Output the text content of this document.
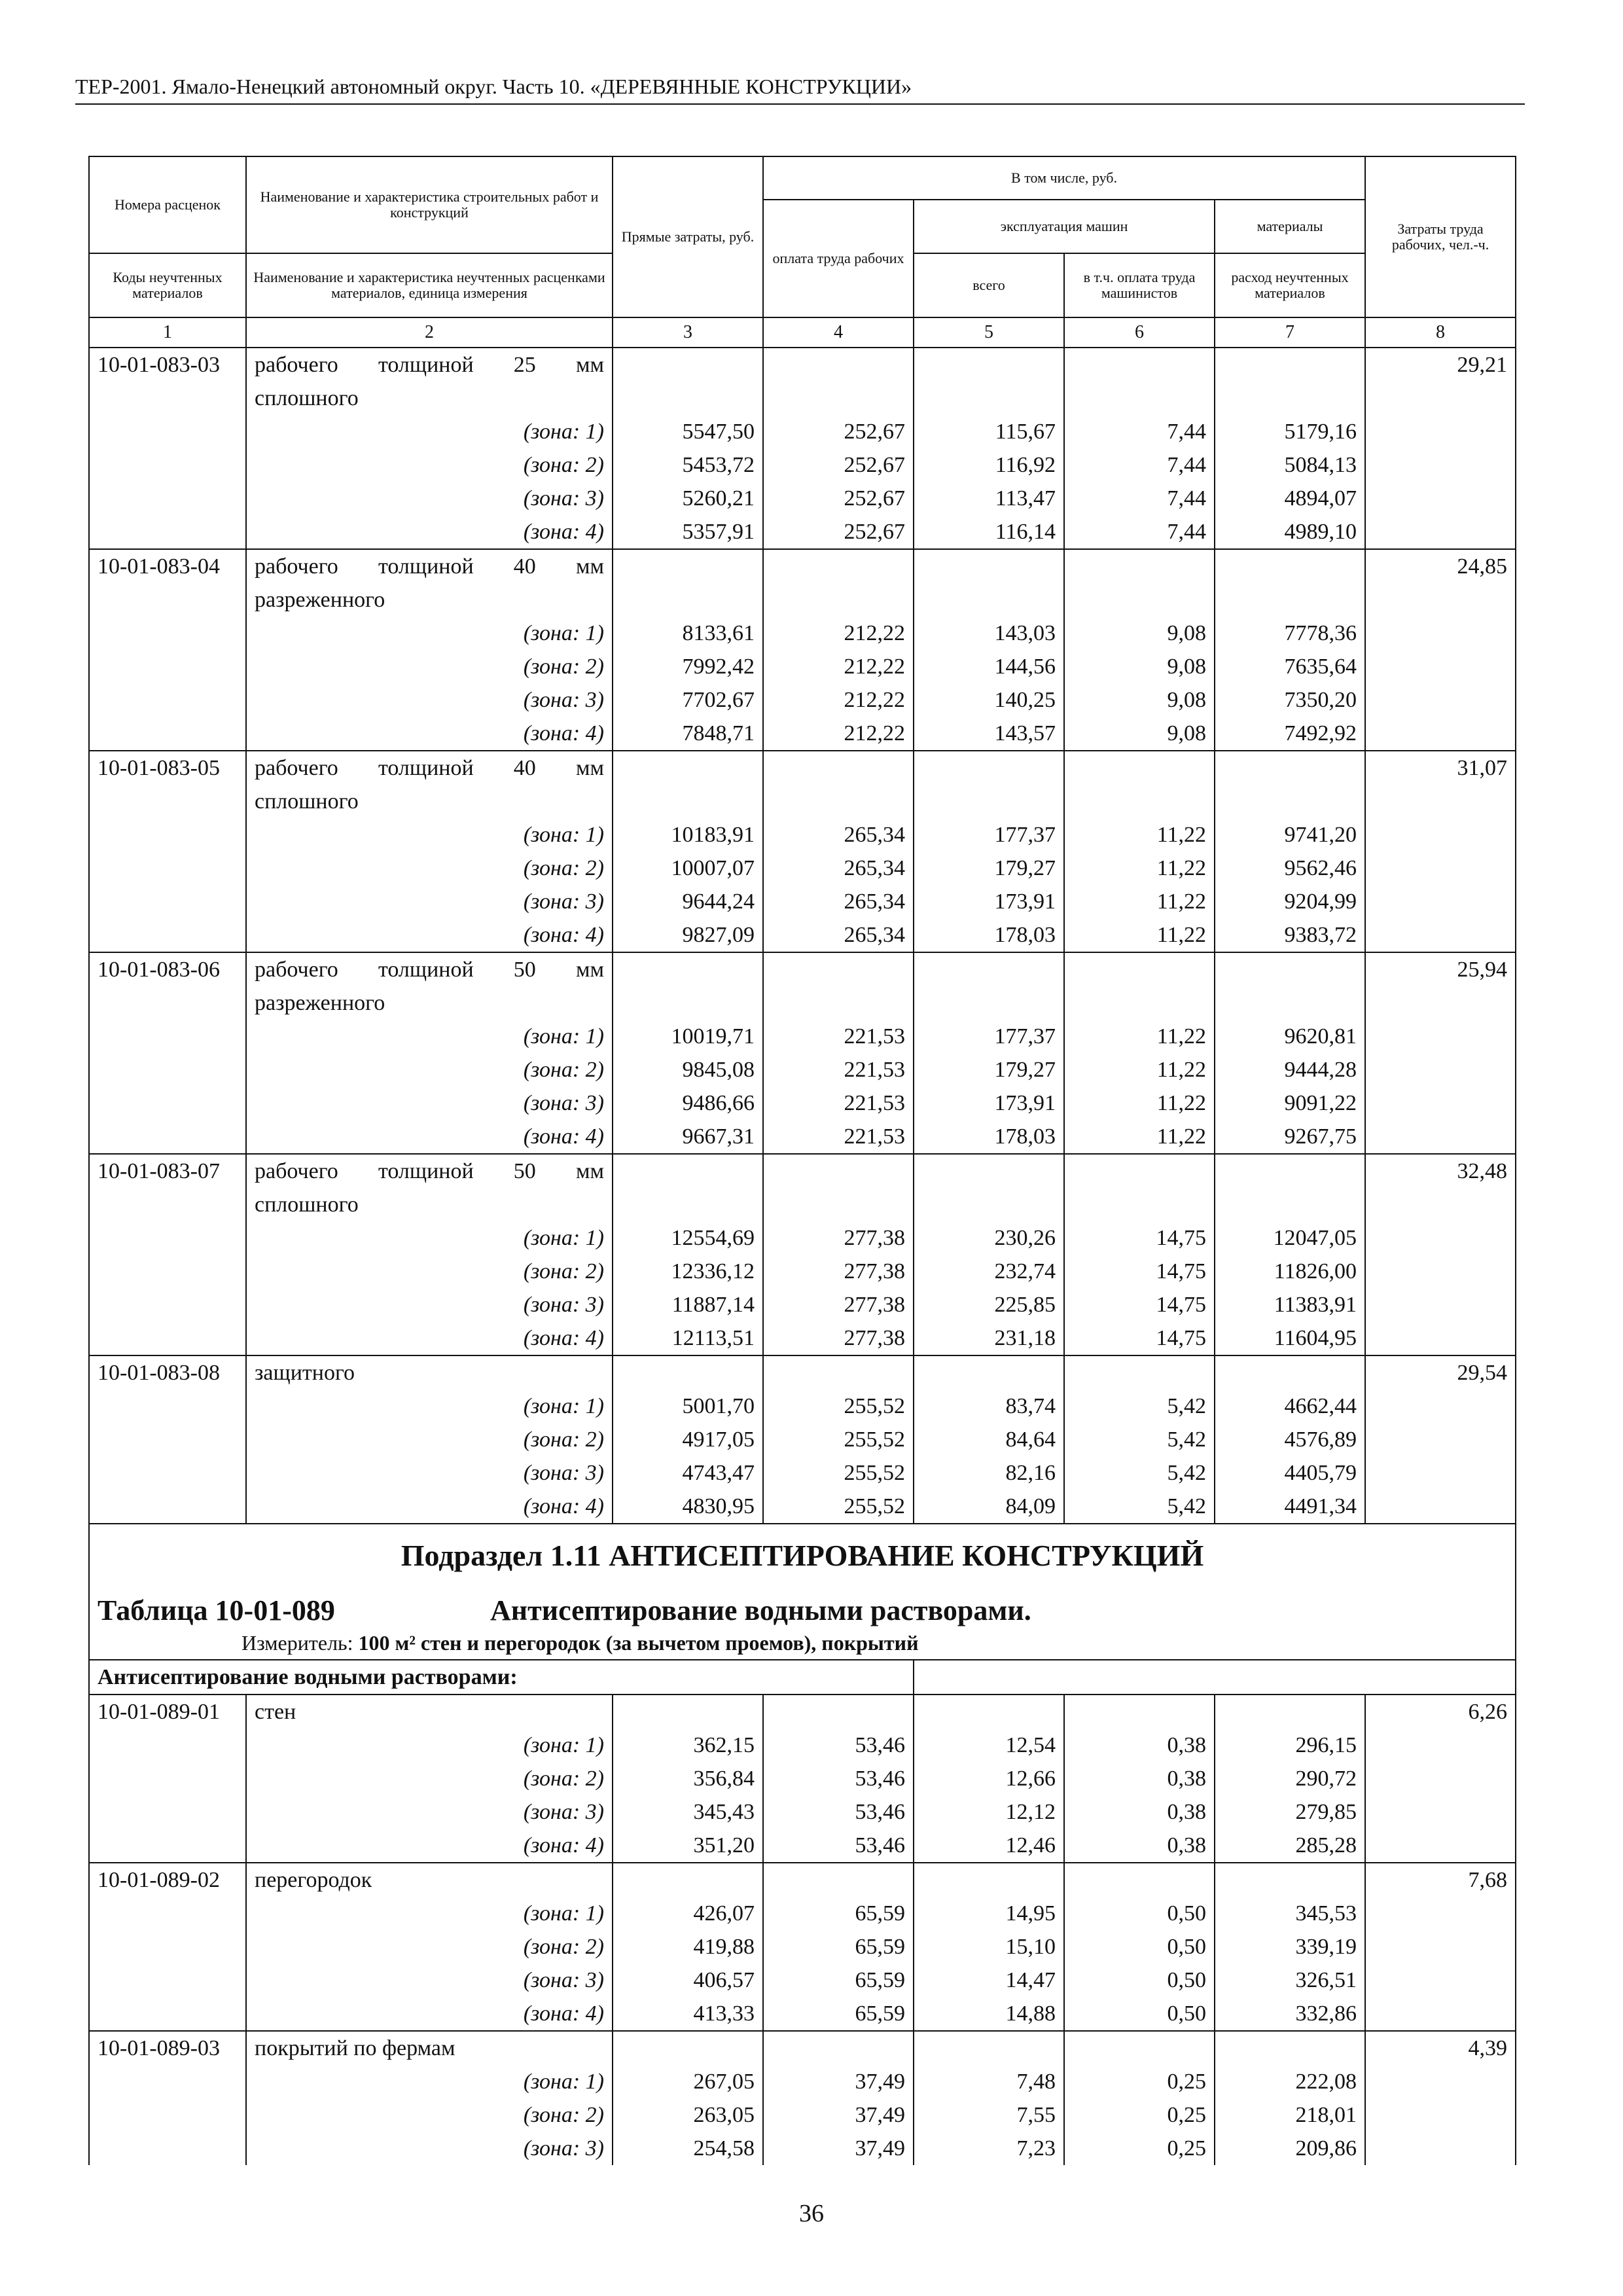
ТЕР-2001. Ямало-Ненецкий автономный округ. Часть 10. «ДЕРЕВЯННЫЕ КОНСТРУКЦИИ»
Номера расценок	Наименование и характеристика строительных работ и конструкций	Прямые затраты, руб.	В том числе, руб.				Затраты труда рабочих, чел.-ч.
			оплата труда рабочих	эксплуатация машин		материалы	
Коды неучтенных материалов	Наименование и характеристика неучтенных расценками материалов, единица измерения			всего	в т.ч. оплата труда машинистов	расход неучтенных материалов	
1	2	3	4	5	6	7	8
10-01-083-03	рабочего толщиной 25 мм сплошного						29,21
	(зона: 1)	5547,50	252,67	115,67	7,44	5179,16	
	(зона: 2)	5453,72	252,67	116,92	7,44	5084,13	
	(зона: 3)	5260,21	252,67	113,47	7,44	4894,07	
	(зона: 4)	5357,91	252,67	116,14	7,44	4989,10	
10-01-083-04	рабочего толщиной 40 мм разреженного						24,85
	(зона: 1)	8133,61	212,22	143,03	9,08	7778,36	
	(зона: 2)	7992,42	212,22	144,56	9,08	7635,64	
	(зона: 3)	7702,67	212,22	140,25	9,08	7350,20	
	(зона: 4)	7848,71	212,22	143,57	9,08	7492,92	
10-01-083-05	рабочего толщиной 40 мм сплошного						31,07
	(зона: 1)	10183,91	265,34	177,37	11,22	9741,20	
	(зона: 2)	10007,07	265,34	179,27	11,22	9562,46	
	(зона: 3)	9644,24	265,34	173,91	11,22	9204,99	
	(зона: 4)	9827,09	265,34	178,03	11,22	9383,72	
10-01-083-06	рабочего толщиной 50 мм разреженного						25,94
	(зона: 1)	10019,71	221,53	177,37	11,22	9620,81	
	(зона: 2)	9845,08	221,53	179,27	11,22	9444,28	
	(зона: 3)	9486,66	221,53	173,91	11,22	9091,22	
	(зона: 4)	9667,31	221,53	178,03	11,22	9267,75	
10-01-083-07	рабочего толщиной 50 мм сплошного						32,48
	(зона: 1)	12554,69	277,38	230,26	14,75	12047,05	
	(зона: 2)	12336,12	277,38	232,74	14,75	11826,00	
	(зона: 3)	11887,14	277,38	225,85	14,75	11383,91	
	(зона: 4)	12113,51	277,38	231,18	14,75	11604,95	
10-01-083-08	защитного						29,54
	(зона: 1)	5001,70	255,52	83,74	5,42	4662,44	
	(зона: 2)	4917,05	255,52	84,64	5,42	4576,89	
	(зона: 3)	4743,47	255,52	82,16	5,42	4405,79	
	(зона: 4)	4830,95	255,52	84,09	5,42	4491,34	

Подраздел 1.11 АНТИСЕПТИРОВАНИЕ КОНСТРУКЦИЙ
Таблица 10-01-089 Антисептирование водными растворами.
Измеритель: 100 м² стен и перегородок (за вычетом проемов), покрытий							

Антисептирование водными растворами:							
10-01-089-01	стен						6,26
	(зона: 1)	362,15	53,46	12,54	0,38	296,15	
	(зона: 2)	356,84	53,46	12,66	0,38	290,72	
	(зона: 3)	345,43	53,46	12,12	0,38	279,85	
	(зона: 4)	351,20	53,46	12,46	0,38	285,28	
10-01-089-02	перегородок						7,68
	(зона: 1)	426,07	65,59	14,95	0,50	345,53	
	(зона: 2)	419,88	65,59	15,10	0,50	339,19	
	(зона: 3)	406,57	65,59	14,47	0,50	326,51	
	(зона: 4)	413,33	65,59	14,88	0,50	332,86	
10-01-089-03	покрытий по фермам						4,39
	(зона: 1)	267,05	37,49	7,48	0,25	222,08	
	(зона: 2)	263,05	37,49	7,55	0,25	218,01	
	(зона: 3)	254,58	37,49	7,23	0,25	209,86	
36
